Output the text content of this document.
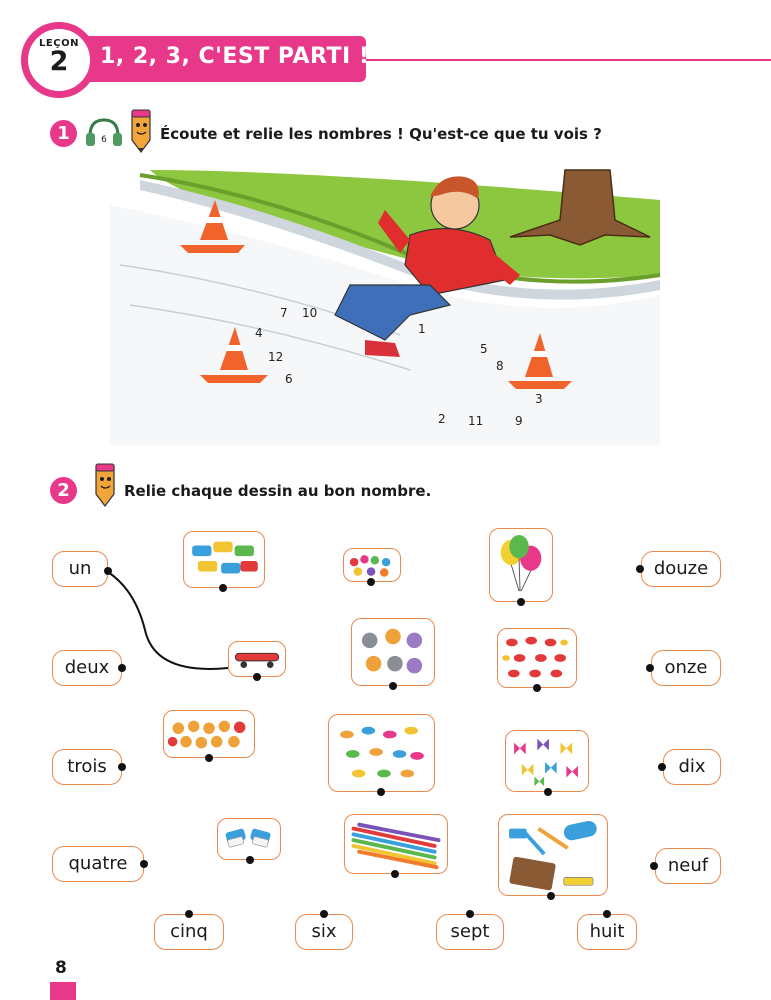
1, 2, 3, C'EST PARTI !
LEÇON
2
1	6	Écoute et relie les nombres ! Qu'est-ce que tu vois ?
1
2
3
4
5
6
7
8
9
10
11
12
2	Relie chaque dessin au bon nombre.
un
deux
trois
quatre
cinq	six	sept	huit
douze
onze
dix
neuf
8
